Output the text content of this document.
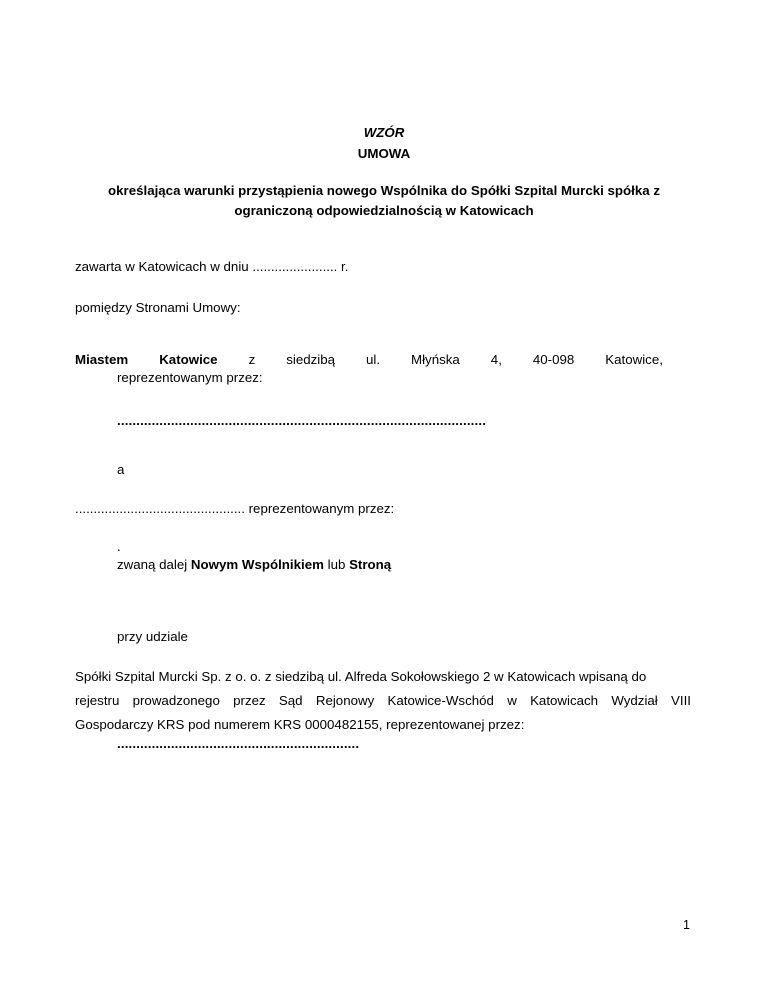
WZÓR
UMOWA
określająca warunki przystąpienia nowego Wspólnika do Spółki Szpital Murcki spółka z
ograniczoną odpowiedzialnością w Katowicach
zawarta w Katowicach w dniu ....................... r.
pomiędzy Stronami Umowy:
Miastem Katowice z siedzibą ul. Młyńska 4, 40-098 Katowice,
reprezentowanym przez:
................................................................................................
a
.............................................. reprezentowanym przez:
.
zwaną dalej Nowym Wspólnikiem lub Stroną
przy udziale
Spółki Szpital Murcki Sp. z o. o. z siedzibą ul. Alfreda Sokołowskiego 2 w Katowicach wpisaną do
rejestru prowadzonego przez Sąd Rejonowy Katowice-Wschód w Katowicach Wydział VIII
Gospodarczy KRS pod numerem KRS 0000482155, reprezentowanej przez:
...............................................................
1
